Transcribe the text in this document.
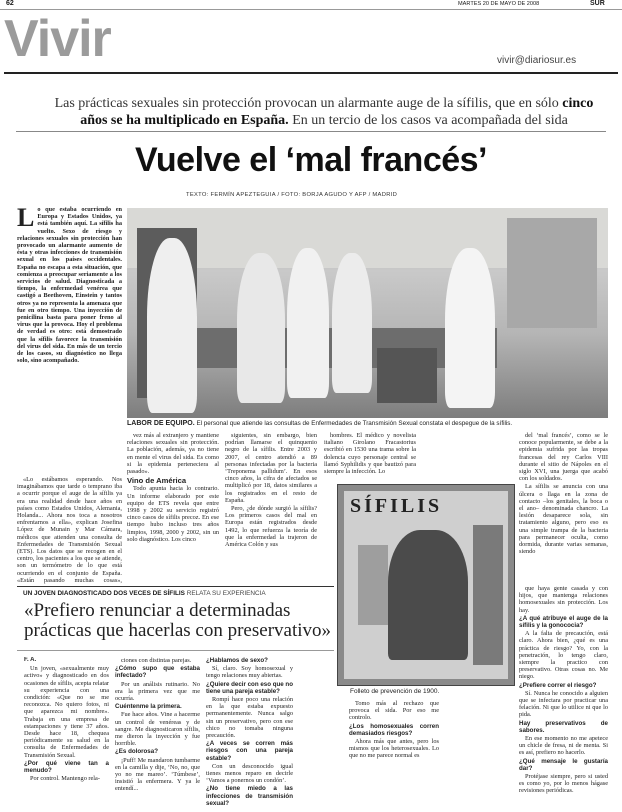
62	MARTES 20 DE MAYO DE 2008	SUR
Vivir	vivir@diariosur.es
Las prácticas sexuales sin protección provocan un alarmante auge de la sífilis, que en sólo cinco años se ha multiplicado en España. En un tercio de los casos va acompañada del sida
Vuelve el ‘mal francés’
TEXTO: FERMÍN APEZTEGUIA / FOTO: BORJA AGUDO Y AFP / MADRID
Lo que estaba ocurriendo en Europa y Estados Unidos, ya está también aquí. La sífilis ha vuelto. Sexo de riesgo y relaciones sexuales sin protección han provocado un alarmante aumento de ésta y otras infecciones de transmisión sexual en los países occidentales. España no escapa a esta situación, que comienza a preocupar seriamente a los servicios de salud. Diagnosticada a tiempo, la enfermedad venérea que castigó a Beethoven, Einstein y tantos otros ya no representa la amenaza que fue en otro tiempo. Una inyección de penicilina basta para poner freno al virus que la provoca. Hoy el problema de verdad es otro: está demostrado que la sífilis favorece la transmisión del virus del sida. En más de un tercio de los casos, su diagnóstico no llega solo, sino acompañado.

«Lo estábamos esperando. Nos imaginábamos que tarde o temprano iba a ocurrir porque el auge de la sífilis ya era una realidad desde hace años en países como Estados Unidos, Alemania, Holanda... Ahora nos toca a nosotros enfrentarnos a ella», explican Josefina López de Munain y Mar Cámara, médicos que atienden una consulta de Enfermedades de Transmisión Sexual (ETS). Los datos que se recogen en el centro, los pacientes a los que se atiende, son un termómetro de lo que está ocurriendo en el conjunto de España. «Están pasando muchas cosas»,

LABOR DE EQUIPO. El personal que atiende las consultas de Enfermedades de Transmisión Sexual constata el despegue de la sífilis.

vez más al extranjero y mantiene relaciones sexuales sin protección. La población, además, ya no tiene en mente el virus del sida. Es como si la epidemia perteneciera al pasado».

Vino de América

Todo apunta hacia lo contrario. Un informe elaborado por este equipo de ETS revela que entre 1998 y 2002 su servicio registró cinco casos de sífilis precoz. En ese tiempo hubo incluso tres años limpios, 1998, 2000 y 2002, sin un solo diagnóstico. Los cinco

siguientes, sin embargo, bien podrían llamarse el quinquenio negro de la sífilis. Entre 2003 y 2007, el centro atendió a 89 personas infectadas por la bacteria ‘Treponema pallidum’. En esos cinco años, la cifra de afectados se multiplicó por 18, datos similares a los registrados en el resto de España.

Pero, ¿de dónde surgió la sífilis? Los primeros casos del mal en Europa están registrados desde 1492, lo que refuerza la teoría de que la enfermedad la trajeron de América Colón y sus

hombres. El médico y novelista italiano Girolano Fracastorius escribió en 1530 una trama sobre la dolencia cuyo personaje central se llamó Syphilidis y que bautizó para siempre la infección. Lo

del ‘mal francés’, como se le conoce popularmente, se debe a la epidemia sufrida por las tropas francesas del rey Carlos VIII durante el sitio de Nápoles en el siglo XVI, una juerga que acabó con los soldados.

La sífilis se anuncia con una úlcera o llaga en la zona de contacto –los genitales, la boca o el ano– denominada chancro. La lesión desaparece sola, sin tratamiento alguno, pero eso es una simple trampa de la bacteria para permanecer oculta, como dormida, durante varias semanas, siendo

SÍFILIS
Folleto de prevención de 1900.
UN JOVEN DIAGNOSTICADO DOS VECES DE SÍFILIS RELATA SU EXPERIENCIA
«Prefiero renunciar a determinadas prácticas que hacerlas con preservativo»

F. A.

Un joven, «sexualmente muy activo» y diagnosticado en dos ocasiones de sífilis, acepta relatar su experiencia con una condición: «Que no se me reconozca. No quiero fotos, ni que aparezca mi nombre». Trabaja en una empresa de estampaciones y tiene 37 años. Desde hace 18, chequea periódicamente su salud en la consulta de Enfermedades de Transmisión Sexual.

¿Por qué viene tan a menudo?

Por control. Mantengo rela-

ciones con distintas parejas.

¿Cómo supo que estaba infectado?

Por un análisis rutinario. No era la primera vez que me ocurría.

Cuéntenme la primera.

Fue hace años. Vine a hacerme un control de venéreas y de sangre. Me diagnosticaron sífilis, me dieron la inyección y fue horrible.

¿Es dolorosa?

¡Puff! Me mandaron tumbarme en la camilla y dije, ‘No, no, que yo no me mareo’. ‘Túmbese’, insistió la enfermera. Y ya le entendí...

¿Hablamos de sexo?

Sí, claro. Soy homosexual y tengo relaciones muy abiertas.

¿Quiere decir con eso que no tiene una pareja estable?

Rompí hace poco una relación en la que estaba expuesto permanentemente. Nunca salgo sin un preservativo, pero con ese chico no tomaba ninguna precaución.

¿A veces se corren más riesgos con una pareja estable?

Con un desconocido igual tienes menos reparo en decirle ‘Vamos a ponernos un condón’.

¿No tiene miedo a las infecciones de transmisión sexual?

Tomo más al rechazo que provoca el sida. Por eso me controlo.

¿Los homosexuales corren demasiados riesgos?

Ahora más que antes, pero los mismos que los heterosexuales. Lo que no me parece normal es

que haya gente casada y con hijos, que mantenga relaciones homosexuales sin protección. Los hay.

¿A qué atribuye el auge de la sífilis y la gonococia?

A la falta de precaución, está claro. Ahora bien, ¿qué es una práctica de riesgo? Yo, con la penetración, lo tengo claro, siempre la practico con preservativo. Otras cosas no. Me niego.

¿Prefiere correr el riesgo?

Sí. Nunca he conocido a alguien que se infectara por practicar una felación. Ni que lo utilice ni que lo pida.

Hay preservativos de sabores.

En ese momento no me apetece un chicle de fresa, ni de menta. Si es así, prefiero no hacerlo.

¿Qué mensaje le gustaría dar?

Protéjase siempre, pero si usted es como yo, por lo menos hágase revisiones periódicas.
